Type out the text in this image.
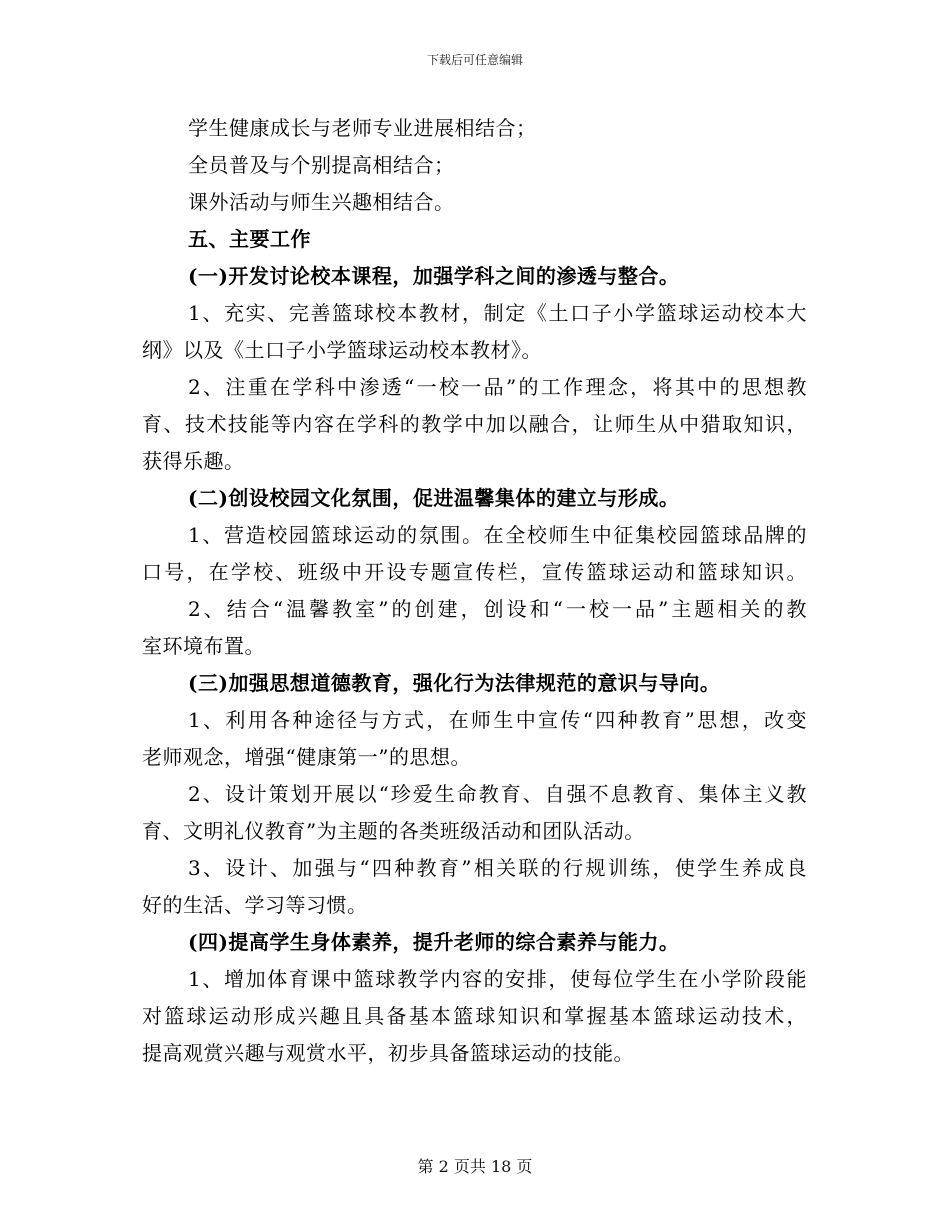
下载后可任意编辑
学生健康成长与老师专业进展相结合；
全员普及与个别提高相结合；
课外活动与师生兴趣相结合。
五、主要工作
(一)开发讨论校本课程，加强学科之间的渗透与整合。
1、充实、完善篮球校本教材，制定《土口子小学篮球运动校本大
纲》以及《土口子小学篮球运动校本教材》。
2、注重在学科中渗透“一校一品”的工作理念，将其中的思想教
育、技术技能等内容在学科的教学中加以融合，让师生从中猎取知识，
获得乐趣。
(二)创设校园文化氛围，促进温馨集体的建立与形成。
1、营造校园篮球运动的氛围。在全校师生中征集校园篮球品牌的
口号，在学校、班级中开设专题宣传栏，宣传篮球运动和篮球知识。
2、结合“温馨教室”的创建，创设和“一校一品”主题相关的教
室环境布置。
(三)加强思想道德教育，强化行为法律规范的意识与导向。
1、利用各种途径与方式，在师生中宣传“四种教育”思想，改变
老师观念，增强“健康第一”的思想。
2、设计策划开展以“珍爱生命教育、自强不息教育、集体主义教
育、文明礼仪教育”为主题的各类班级活动和团队活动。
3、设计、加强与“四种教育”相关联的行规训练，使学生养成良
好的生活、学习等习惯。
(四)提高学生身体素养，提升老师的综合素养与能力。
1、增加体育课中篮球教学内容的安排，使每位学生在小学阶段能
对篮球运动形成兴趣且具备基本篮球知识和掌握基本篮球运动技术，
提高观赏兴趣与观赏水平，初步具备篮球运动的技能。
第 2 页共 18 页
